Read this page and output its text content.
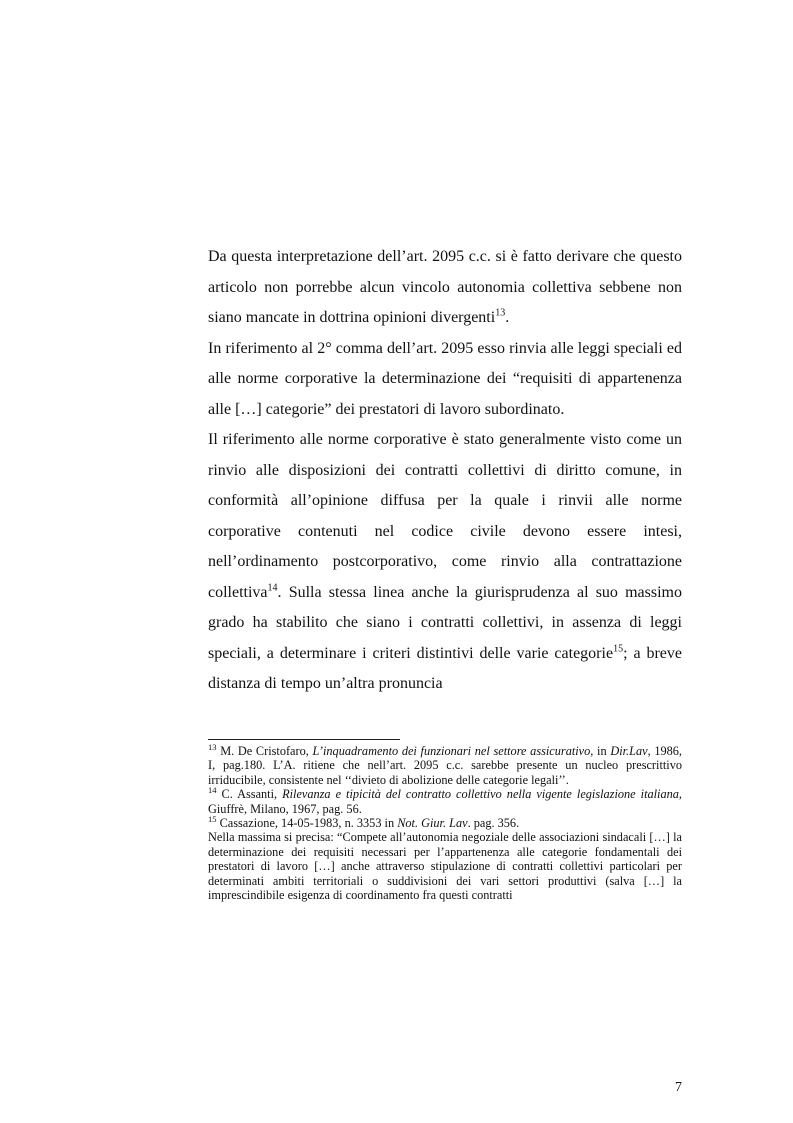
Da questa interpretazione dell’art. 2095 c.c. si è fatto derivare che questo articolo non porrebbe alcun vincolo autonomia collettiva sebbene non siano mancate in dottrina opinioni divergenti$^{13}$.

In riferimento al 2° comma dell’art. 2095 esso rinvia alle leggi speciali ed alle norme corporative la determinazione dei “requisiti di appartenenza alle […] categorie” dei prestatori di lavoro subordinato.

Il riferimento alle norme corporative è stato generalmente visto come un rinvio alle disposizioni dei contratti collettivi di diritto comune, in conformità all’opinione diffusa per la quale i rinvii alle norme corporative contenuti nel codice civile devono essere intesi, nell’ordinamento postcorporativo, come rinvio alla contrattazione collettiva$^{14}$. Sulla stessa linea anche la giurisprudenza al suo massimo grado ha stabilito che siano i contratti collettivi, in assenza di leggi speciali, a determinare i criteri distintivi delle varie categorie$^{15}$; a breve distanza di tempo un’altra pronuncia

$^{13}$ M. De Cristofaro, L’inquadramento dei funzionari nel settore assicurativo, in Dir.Lav, 1986, I, pag.180. L’A. ritiene che nell’art. 2095 c.c. sarebbe presente un nucleo prescrittivo irriducibile, consistente nel ‘‘divieto di abolizione delle categorie legali’’.

$^{14}$ C. Assanti, Rilevanza e tipicità del contratto collettivo nella vigente legislazione italiana, Giuffrè, Milano, 1967, pag. 56.

$^{15}$ Cassazione, 14-05-1983, n. 3353 in Not. Giur. Lav. pag. 356.

Nella massima si precisa: “Compete all’autonomia negoziale delle associazioni sindacali […] la determinazione dei requisiti necessari per l’appartenenza alle categorie fondamentali dei prestatori di lavoro […] anche attraverso stipulazione di contratti collettivi particolari per determinati ambiti territoriali o suddivisioni dei vari settori produttivi (salva […] la imprescindibile esigenza di coordinamento fra questi contratti

7
